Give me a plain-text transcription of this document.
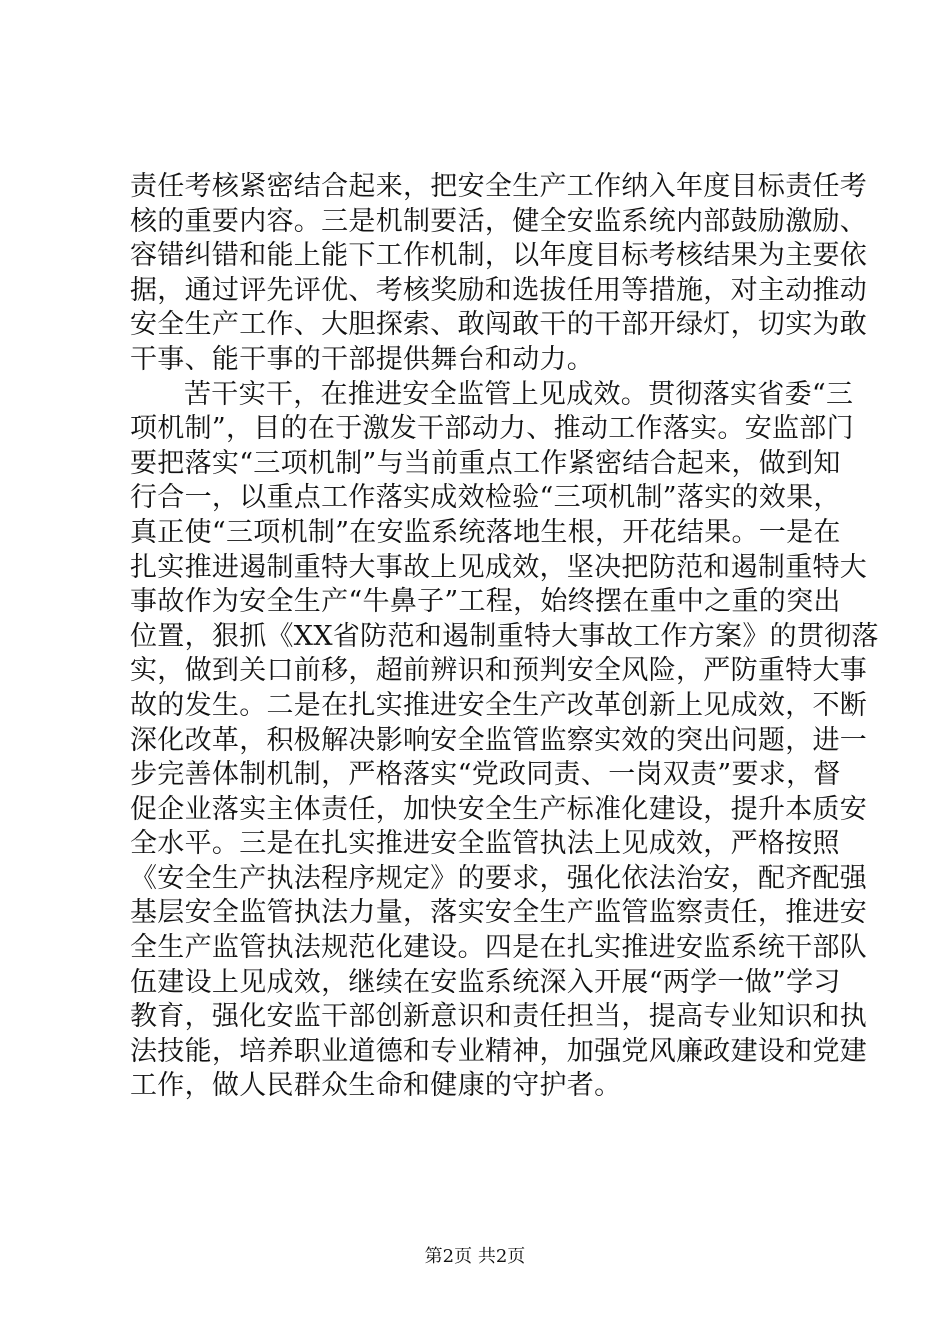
责任考核紧密结合起来，把安全生产工作纳入年度目标责任考
核的重要内容。三是机制要活，健全安监系统内部鼓励激励、
容错纠错和能上能下工作机制，以年度目标考核结果为主要依
据，通过评先评优、考核奖励和选拔任用等措施，对主动推动
安全生产工作、大胆探索、敢闯敢干的干部开绿灯，切实为敢
干事、能干事的干部提供舞台和动力。
苦干实干，在推进安全监管上见成效。贯彻落实省委“三
项机制”，目的在于激发干部动力、推动工作落实。安监部门
要把落实“三项机制”与当前重点工作紧密结合起来，做到知
行合一，以重点工作落实成效检验“三项机制”落实的效果，
真正使“三项机制”在安监系统落地生根，开花结果。一是在
扎实推进遏制重特大事故上见成效，坚决把防范和遏制重特大
事故作为安全生产“牛鼻子”工程，始终摆在重中之重的突出
位置，狠抓《XX省防范和遏制重特大事故工作方案》的贯彻落
实，做到关口前移，超前辨识和预判安全风险，严防重特大事
故的发生。二是在扎实推进安全生产改革创新上见成效，不断
深化改革，积极解决影响安全监管监察实效的突出问题，进一
步完善体制机制，严格落实“党政同责、一岗双责”要求，督
促企业落实主体责任，加快安全生产标准化建设，提升本质安
全水平。三是在扎实推进安全监管执法上见成效，严格按照
《安全生产执法程序规定》的要求，强化依法治安，配齐配强
基层安全监管执法力量，落实安全生产监管监察责任，推进安
全生产监管执法规范化建设。四是在扎实推进安监系统干部队
伍建设上见成效，继续在安监系统深入开展“两学一做”学习
教育，强化安监干部创新意识和责任担当，提高专业知识和执
法技能，培养职业道德和专业精神，加强党风廉政建设和党建
工作，做人民群众生命和健康的守护者。
第2页 共2页
